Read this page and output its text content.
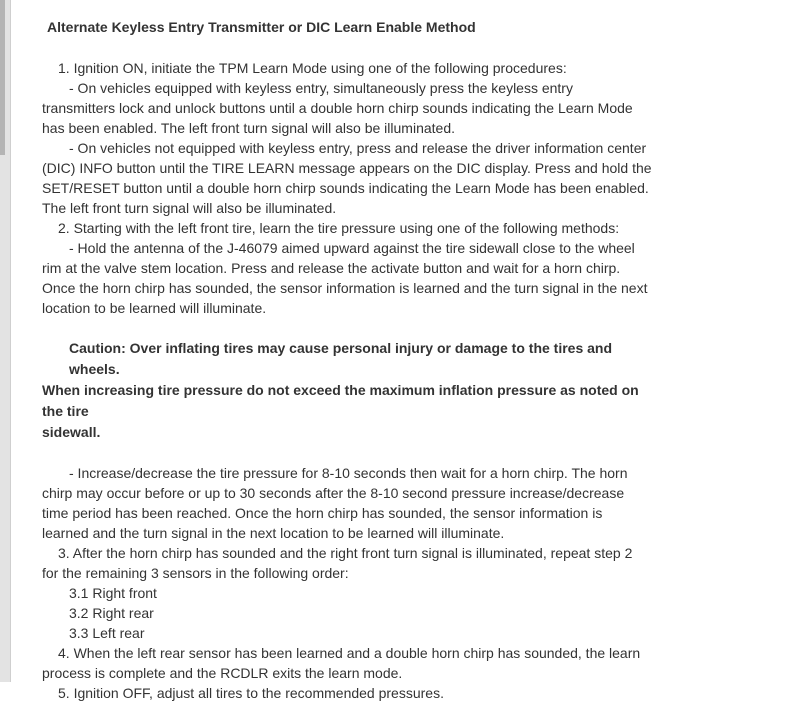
Alternate Keyless Entry Transmitter or DIC Learn Enable Method
1. Ignition ON, initiate the TPM Learn Mode using one of the following procedures:
- On vehicles equipped with keyless entry, simultaneously press the keyless entry
transmitters lock and unlock buttons until a double horn chirp sounds indicating the Learn Mode
has been enabled. The left front turn signal will also be illuminated.
- On vehicles not equipped with keyless entry, press and release the driver information center
(DIC) INFO button until the TIRE LEARN message appears on the DIC display. Press and hold the
SET/RESET button until a double horn chirp sounds indicating the Learn Mode has been enabled.
The left front turn signal will also be illuminated.
2. Starting with the left front tire, learn the tire pressure using one of the following methods:
- Hold the antenna of the J-46079 aimed upward against the tire sidewall close to the wheel
rim at the valve stem location. Press and release the activate button and wait for a horn chirp.
Once the horn chirp has sounded, the sensor information is learned and the turn signal in the next
location to be learned will illuminate.
Caution: Over inflating tires may cause personal injury or damage to the tires and wheels.
When increasing tire pressure do not exceed the maximum inflation pressure as noted on the tire
sidewall.
- Increase/decrease the tire pressure for 8-10 seconds then wait for a horn chirp. The horn
chirp may occur before or up to 30 seconds after the 8-10 second pressure increase/decrease
time period has been reached. Once the horn chirp has sounded, the sensor information is
learned and the turn signal in the next location to be learned will illuminate.
3. After the horn chirp has sounded and the right front turn signal is illuminated, repeat step 2
for the remaining 3 sensors in the following order:
3.1 Right front
3.2 Right rear
3.3 Left rear
4. When the left rear sensor has been learned and a double horn chirp has sounded, the learn
process is complete and the RCDLR exits the learn mode.
5. Ignition OFF, adjust all tires to the recommended pressures.
